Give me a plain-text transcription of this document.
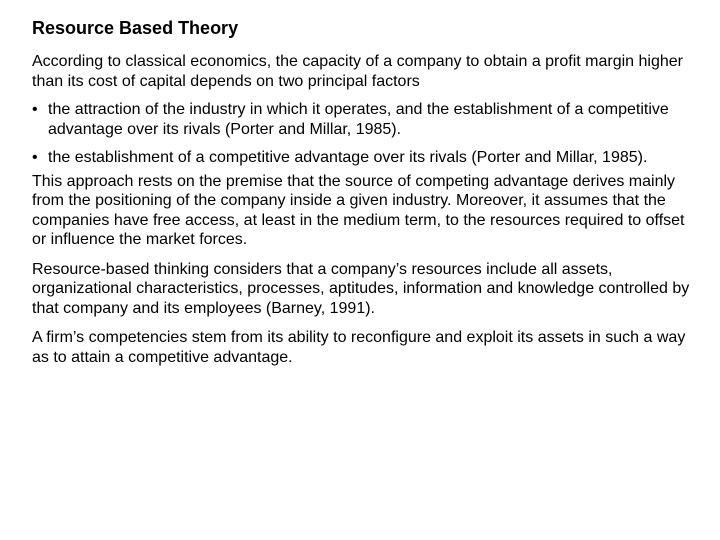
Resource Based Theory

According to classical economics, the capacity of a company to obtain a profit margin higher than its cost of capital depends on two principal factors

• the attraction of the industry in which it operates, and the establishment of a competitive advantage over its rivals (Porter and Millar, 1985).
• the establishment of a competitive advantage over its rivals (Porter and Millar, 1985).

This approach rests on the premise that the source of competing advantage derives mainly from the positioning of the company inside a given industry. Moreover, it assumes that the companies have free access, at least in the medium term, to the resources required to offset or influence the market forces.

Resource-based thinking considers that a company’s resources include all assets, organizational characteristics, processes, aptitudes, information and knowledge controlled by that company and its employees (Barney, 1991).

A firm’s competencies stem from its ability to reconfigure and exploit its assets in such a way as to attain a competitive advantage.
